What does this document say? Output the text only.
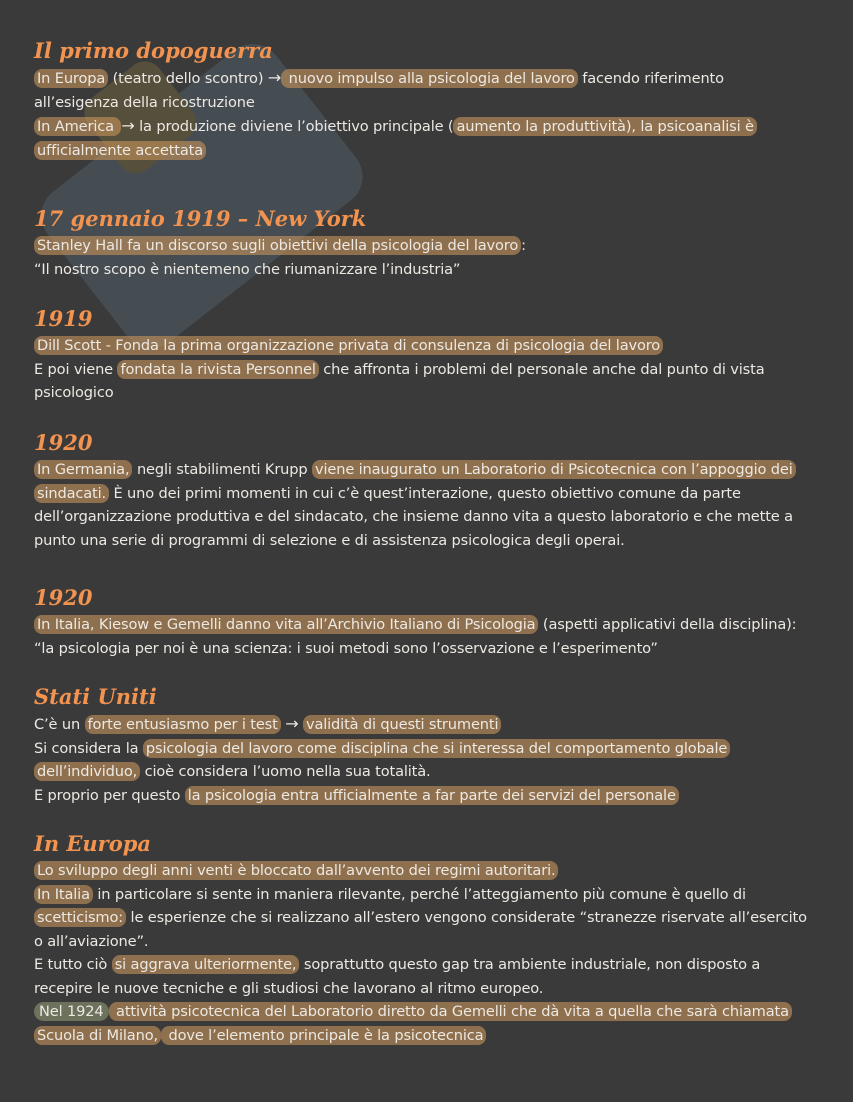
Il primo dopoguerra
In Europa (teatro dello scontro) → nuovo impulso alla psicologia del lavoro facendo riferimento
all’esigenza della ricostruzione
In America → la produzione diviene l’obiettivo principale ( aumento la produttività), la psicoanalisi è
ufficialmente accettata
17 gennaio 1919 – New York
Stanley Hall fa un discorso sugli obiettivi della psicologia del lavoro :
“Il nostro scopo è nientemeno che riumanizzare l’industria”
1919
Dill Scott - Fonda la prima organizzazione privata di consulenza di psicologia del lavoro
E poi viene fondata la rivista Personnel che affronta i problemi del personale anche dal punto di vista
psicologico
1920
In Germania, negli stabilimenti Krupp viene inaugurato un Laboratorio di Psicotecnica con l’appoggio dei
sindacati. È uno dei primi momenti in cui c’è quest’interazione, questo obiettivo comune da parte
dell’organizzazione produttiva e del sindacato, che insieme danno vita a questo laboratorio e che mette a
punto una serie di programmi di selezione e di assistenza psicologica degli operai.
1920
In Italia, Kiesow e Gemelli danno vita all’Archivio Italiano di Psicologia (aspetti applicativi della disciplina):
“la psicologia per noi è una scienza: i suoi metodi sono l’osservazione e l’esperimento”
Stati Uniti
C’è un forte entusiasmo per i test → validità di questi strumenti
Si considera la psicologia del lavoro come disciplina che si interessa del comportamento globale
dell’individuo, cioè considera l’uomo nella sua totalità.
E proprio per questo la psicologia entra ufficialmente a far parte dei servizi del personale
In Europa
Lo sviluppo degli anni venti è bloccato dall’avvento dei regimi autoritari.
In Italia in particolare si sente in maniera rilevante, perché l’atteggiamento più comune è quello di
scetticismo: le esperienze che si realizzano all’estero vengono considerate “stranezze riservate all’esercito
o all’aviazione”.
E tutto ciò si aggrava ulteriormente, soprattutto questo gap tra ambiente industriale, non disposto a
recepire le nuove tecniche e gli studiosi che lavorano al ritmo europeo.
Nel 1924 attività psicotecnica del Laboratorio diretto da Gemelli che dà vita a quella che sarà chiamata
Scuola di Milano, dove l’elemento principale è la psicotecnica
